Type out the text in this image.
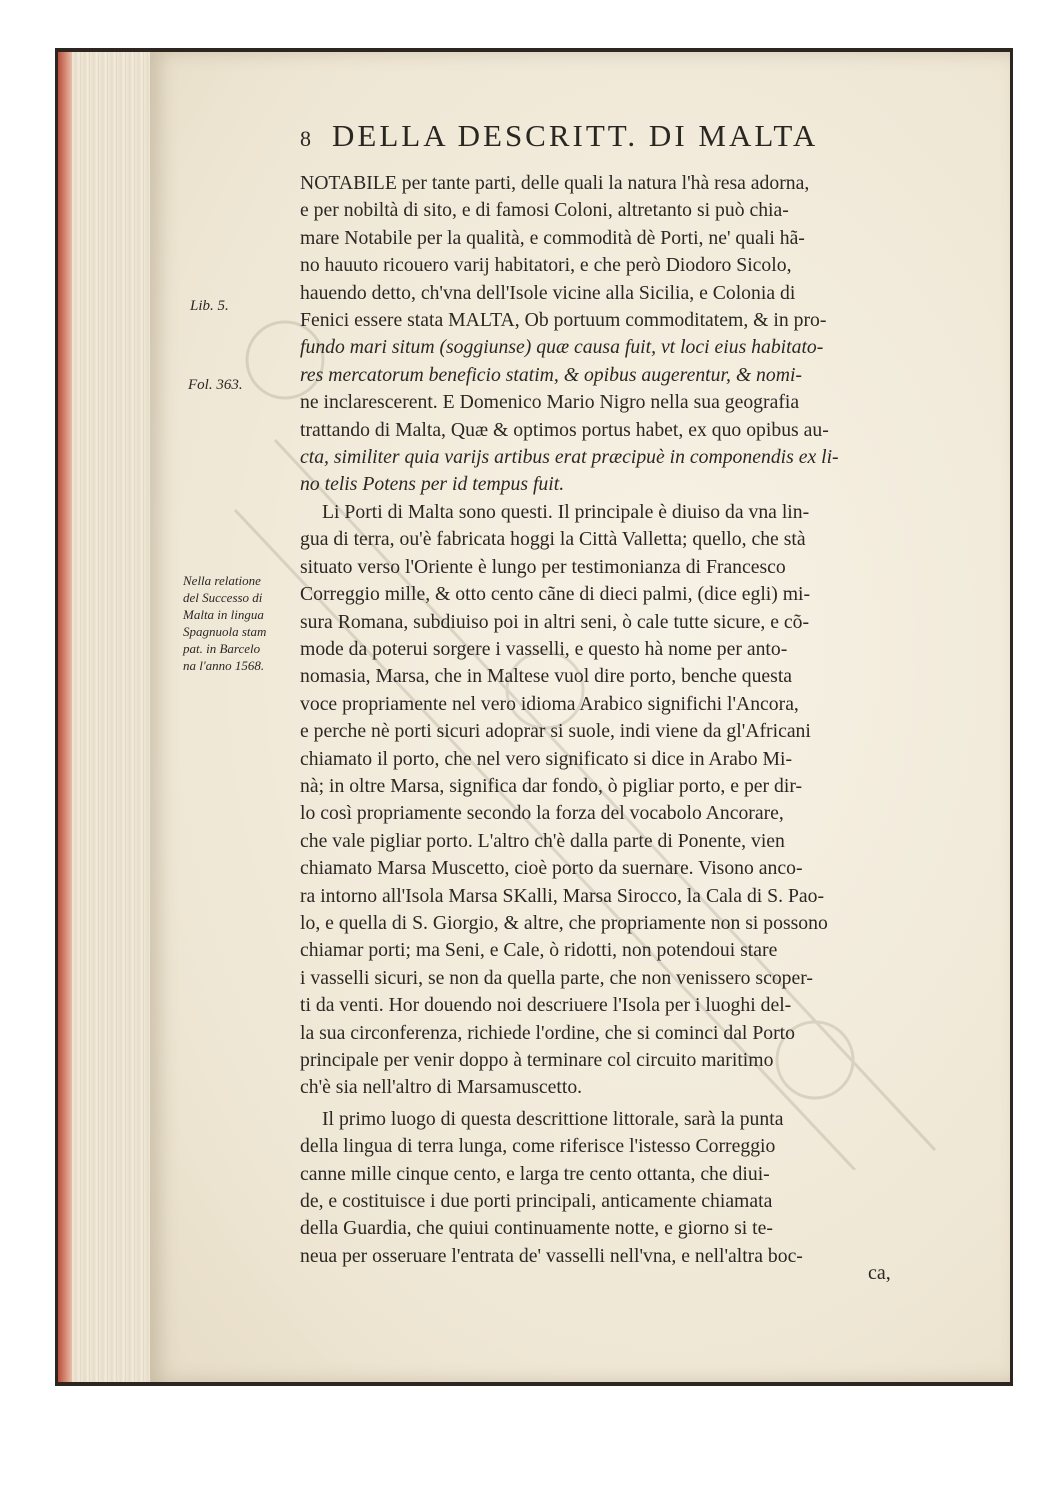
8 DELLA DESCRITT. DI MALTA
NOTABILE per tante parti, delle quali la natura l'hà resa adorna,
e per nobiltà di sito, e di famosi Coloni, altretanto si può chia-
mare Notabile per la qualità, e commodità dè Porti, ne' quali hã-
no hauuto ricouero varij habitatori, e che però Diodoro Sicolo,
hauendo detto, ch'vna dell'Isole vicine alla Sicilia, e Colonia di
Fenici essere stata MALTA, Ob portuum commoditatem, & in pro-
fundo mari situm (soggiunse) quæ causa fuit, vt loci eius habitato-
res mercatorum beneficio statim, & opibus augerentur, & nomi-
ne inclarescerent. E Domenico Mario Nigro nella sua geografia
trattando di Malta, Quæ & optimos portus habet, ex quo opibus au-
cta, similiter quia varijs artibus erat præcipuè in componendis ex li-
no telis Potens per id tempus fuit.
Li Porti di Malta sono questi. Il principale è diuiso da vna lin-
gua di terra, ou'è fabricata hoggi la Città Valletta; quello, che stà
situato verso l'Oriente è lungo per testimonianza di Francesco
Correggio mille, & otto cento cãne di dieci palmi, (dice egli) mi-
sura Romana, subdiuiso poi in altri seni, ò cale tutte sicure, e cõ-
mode da poterui sorgere i vasselli, e questo hà nome per anto-
nomasia, Marsa, che in Maltese vuol dire porto, benche questa
voce propriamente nel vero idioma Arabico significhi l'Ancora,
e perche nè porti sicuri adoprar si suole, indi viene da gl'Africani
chiamato il porto, che nel vero significato si dice in Arabo Mi-
nà; in oltre Marsa, significa dar fondo, ò pigliar porto, e per dir-
lo così propriamente secondo la forza del vocabolo Ancorare,
che vale pigliar porto. L'altro ch'è dalla parte di Ponente, vien
chiamato Marsa Muscetto, cioè porto da suernare. Visono anco-
ra intorno all'Isola Marsa SKalli, Marsa Sirocco, la Cala di S. Pao-
lo, e quella di S. Giorgio, & altre, che propriamente non si possono
chiamar porti; ma Seni, e Cale, ò ridotti, non potendoui stare
i vasselli sicuri, se non da quella parte, che non venissero scoper-
ti da venti. Hor douendo noi descriuere l'Isola per i luoghi del-
la sua circonferenza, richiede l'ordine, che si cominci dal Porto
principale per venir doppo à terminare col circuito maritimo
ch'è sia nell'altro di Marsamuscetto.
Il primo luogo di questa descrittione littorale, sarà la punta
della lingua di terra lunga, come riferisce l'istesso Correggio
canne mille cinque cento, e larga tre cento ottanta, che diui-
de, e costituisce i due porti principali, anticamente chiamata
della Guardia, che quiui continuamente notte, e giorno si te-
neua per osseruare l'entrata de' vasselli nell'vna, e nell'altra boc-
Lib. 5.
Fol. 363.
Nella relatione
del Successo di
Malta in lingua
Spagnuola stam
pat. in Barcelo
na l'anno 1568.
ca,
